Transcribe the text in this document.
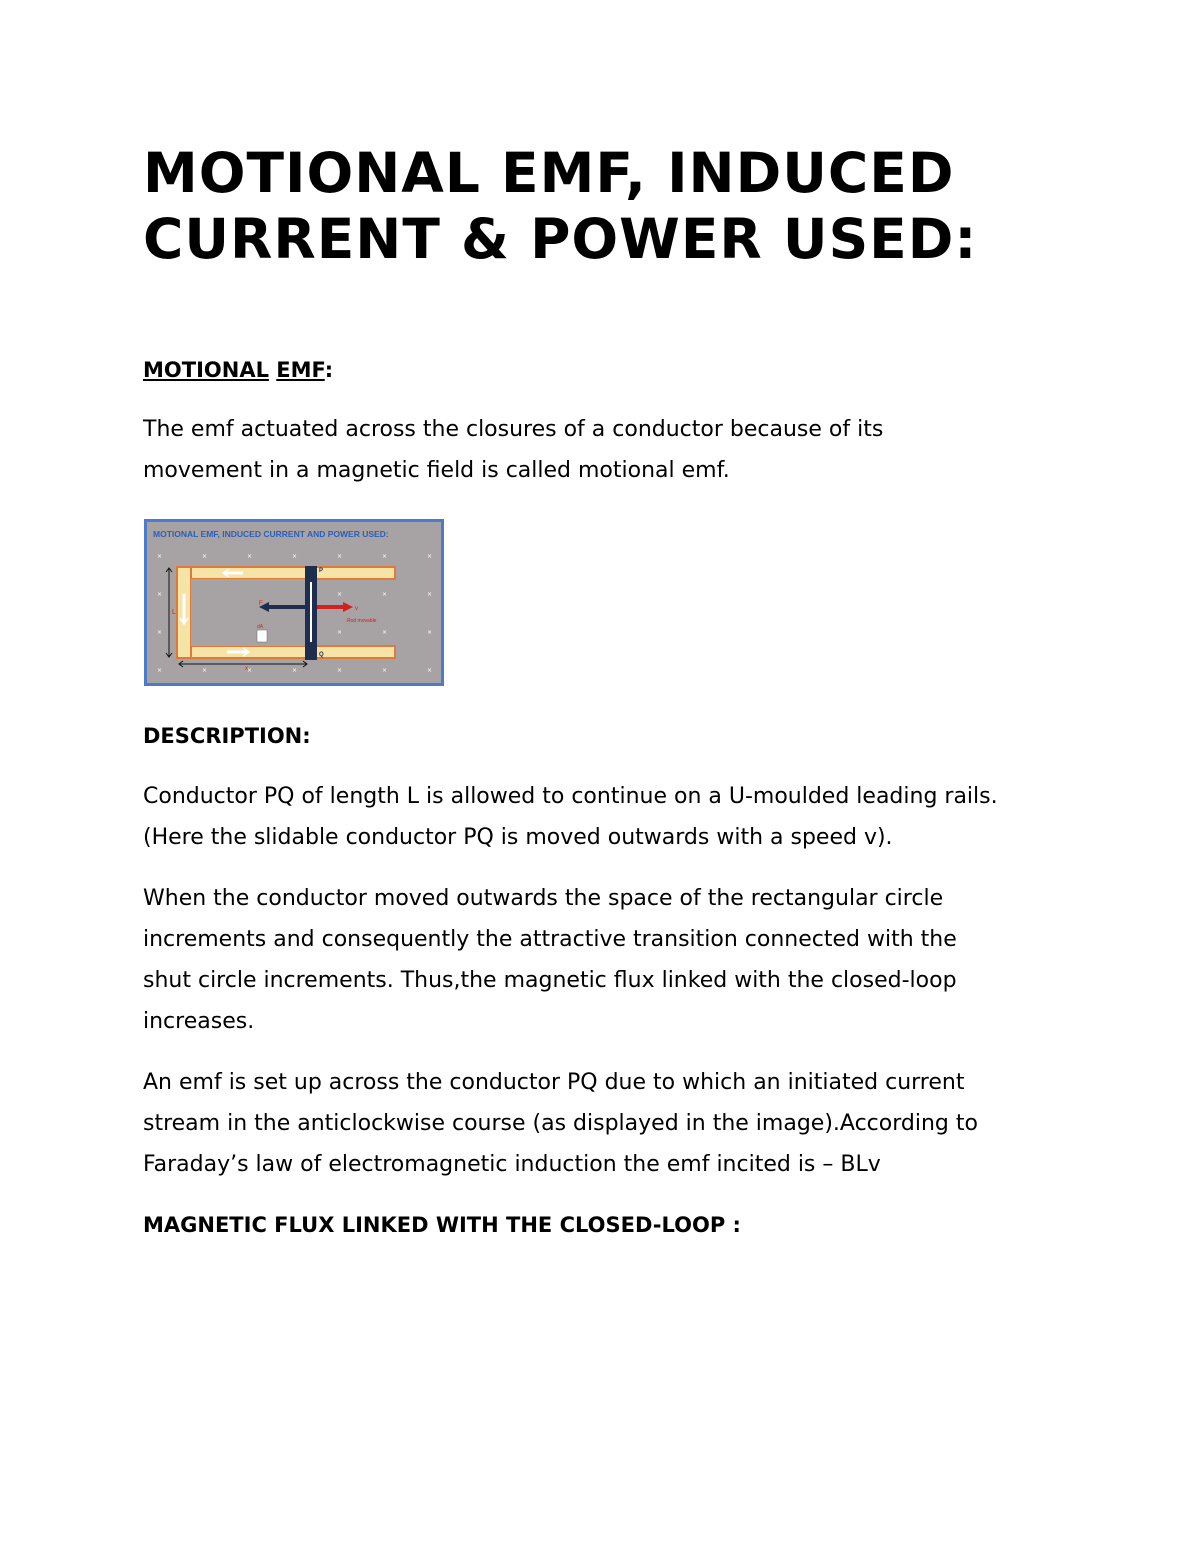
MOTIONAL EMF, INDUCED
CURRENT & POWER USED:
MOTIONAL EMF:

The emf actuated across the closures of a conductor because of its
movement in a magnetic field is called motional emf.

MOTIONAL EMF, INDUCED CURRENT AND POWER USED:
×	×	×	×	×	×	×
×	×	×	×
×	×	×	×
×	×	×	×	×	×	×
P
Q
L
F
v
x
dA
Rod movable
DESCRIPTION:

Conductor PQ of length L is allowed to continue on a U-moulded leading rails.
(Here the slidable conductor PQ is moved outwards with a speed v).

When the conductor moved outwards the space of the rectangular circle
increments and consequently the attractive transition connected with the
shut circle increments. Thus,the magnetic flux linked with the closed-loop
increases.

An emf is set up across the conductor PQ due to which an initiated current
stream in the anticlockwise course (as displayed in the image).According to
Faraday’s law of electromagnetic induction the emf incited is – BLv

MAGNETIC FLUX LINKED WITH THE CLOSED-LOOP :
